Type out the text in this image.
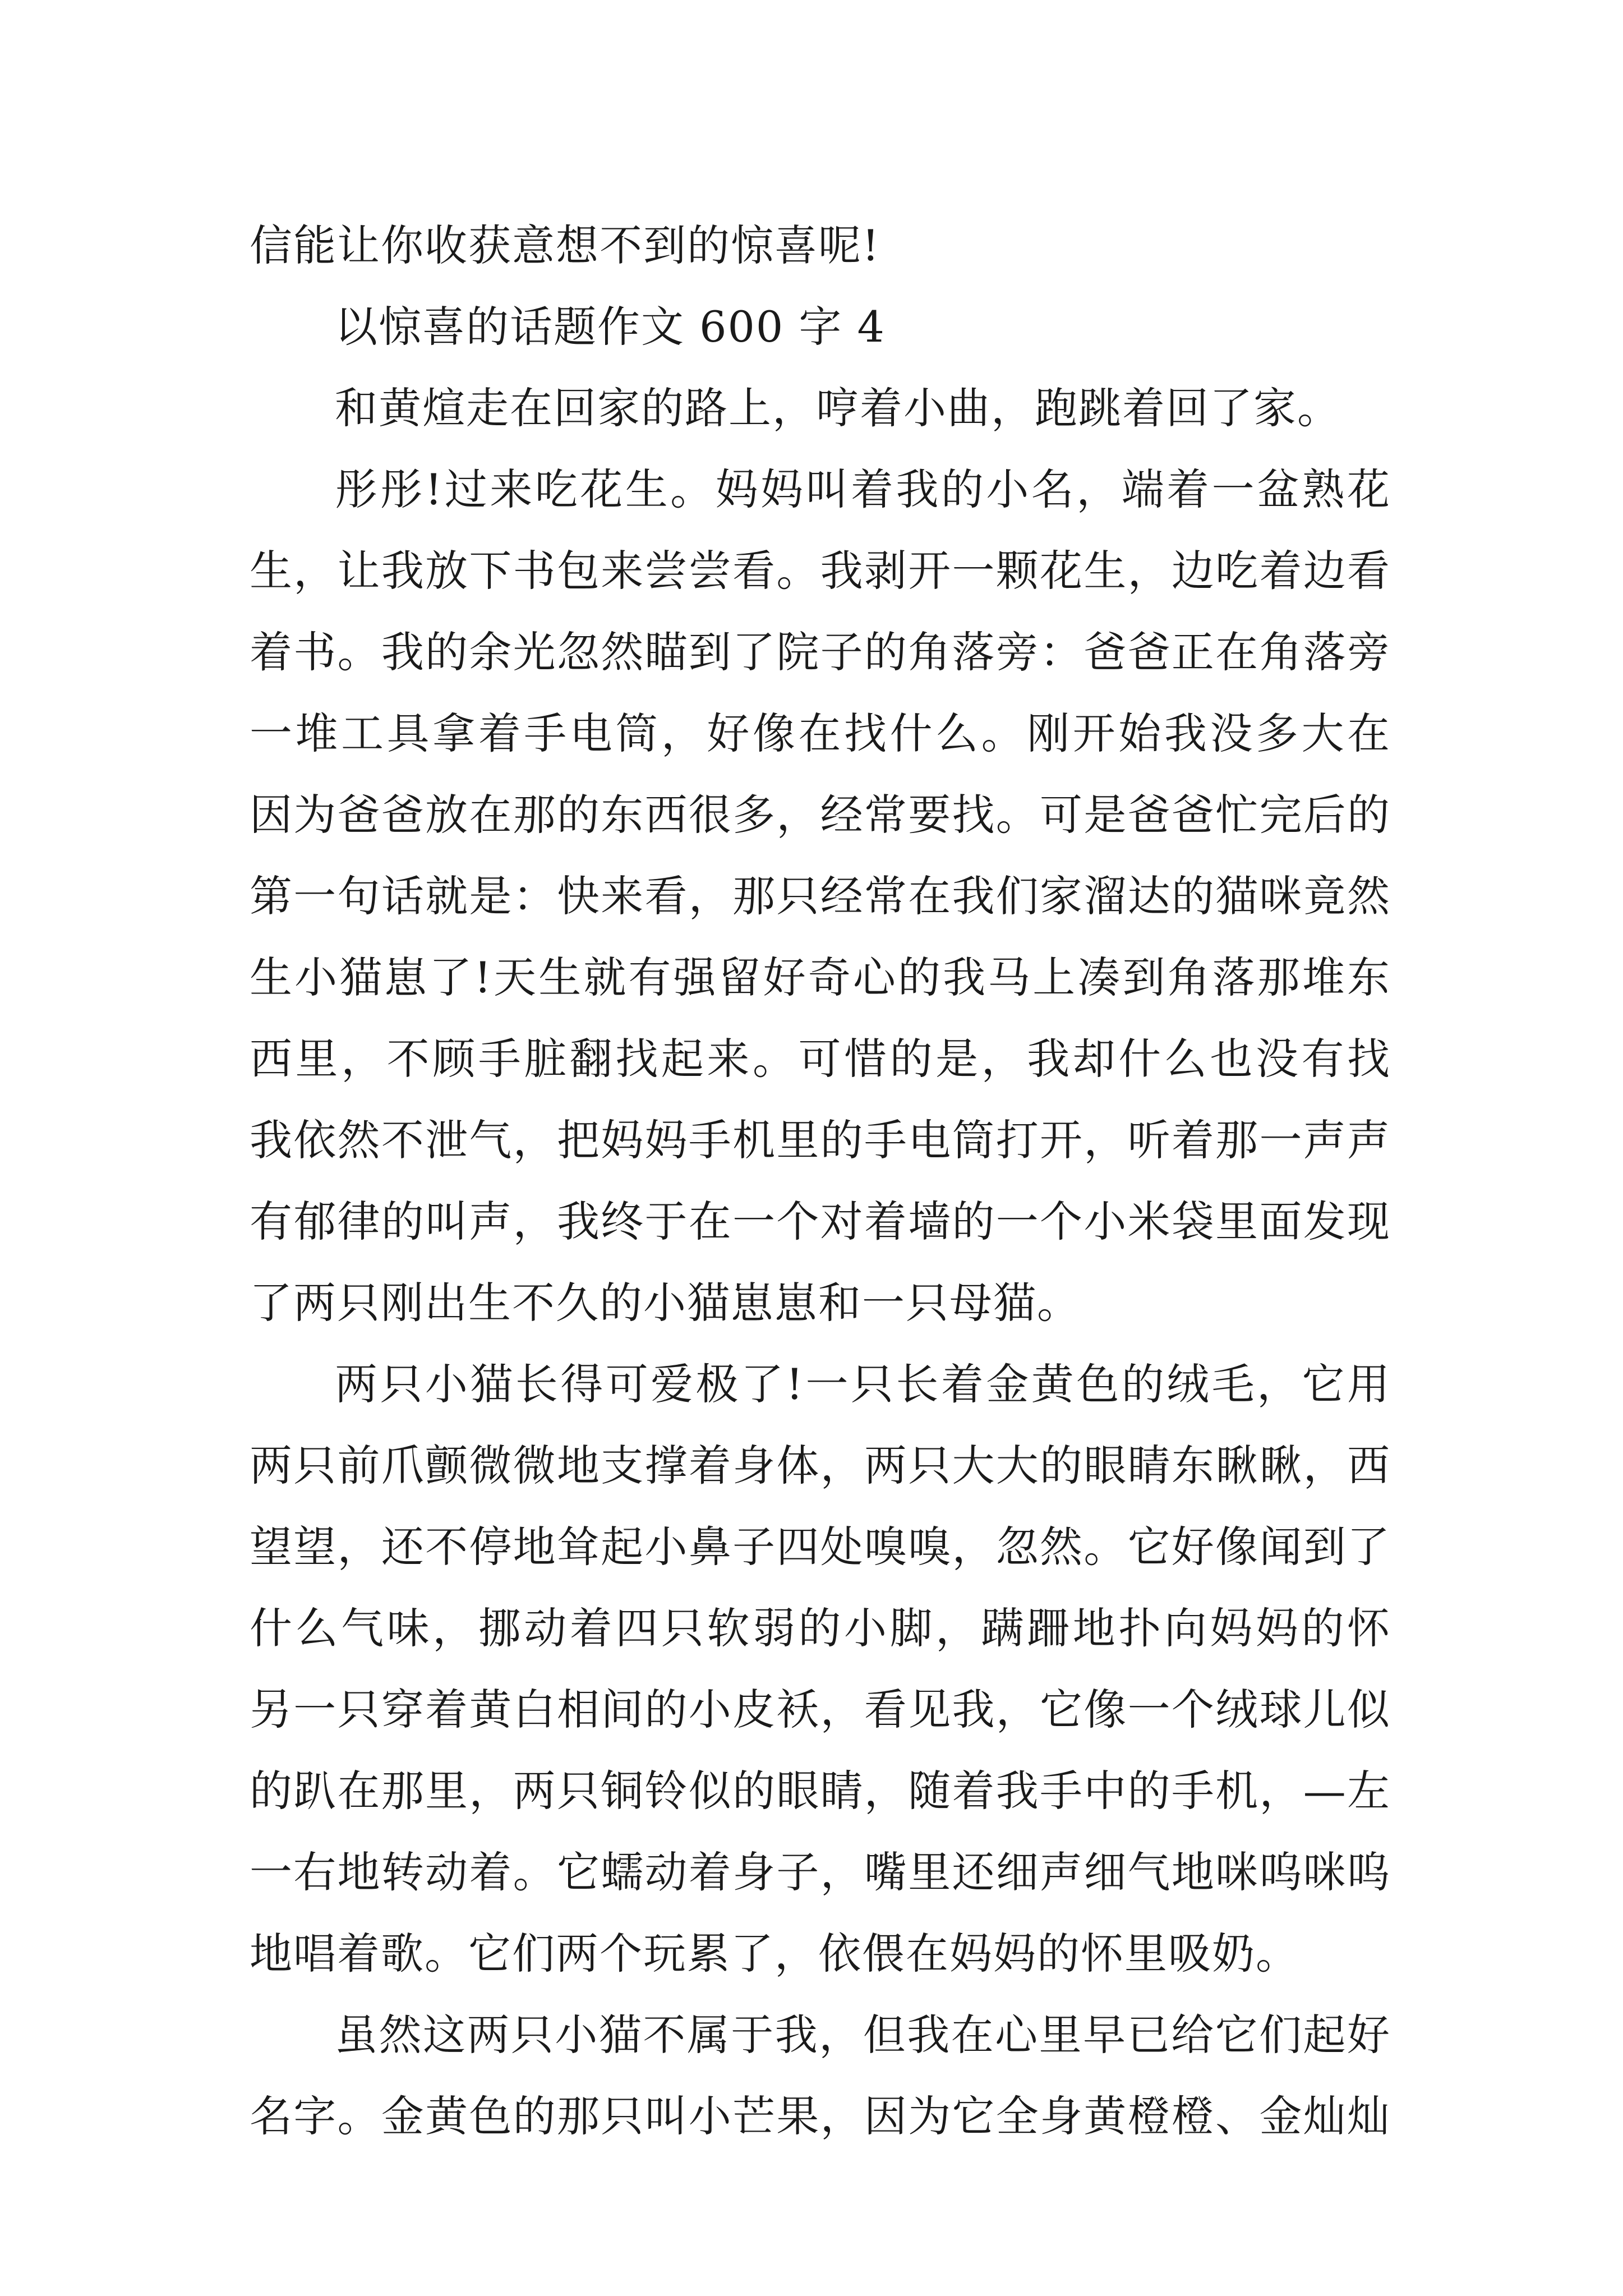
信能让你收获意想不到的惊喜呢!
以惊喜的话题作文 600 字 4
和黄煊走在回家的路上，哼着小曲，跑跳着回了家。
彤彤!过来吃花生。妈妈叫着我的小名，端着一盆熟花
生，让我放下书包来尝尝看。我剥开一颗花生，边吃着边看
着书。我的余光忽然瞄到了院子的角落旁：爸爸正在角落旁
一堆工具拿着手电筒，好像在找什么。刚开始我没多大在
因为爸爸放在那的东西很多，经常要找。可是爸爸忙完后的
第一句话就是：快来看，那只经常在我们家溜达的猫咪竟然
生小猫崽了!天生就有强留好奇心的我马上凑到角落那堆东
西里，不顾手脏翻找起来。可惜的是，我却什么也没有找
我依然不泄气，把妈妈手机里的手电筒打开，听着那一声声
有郁律的叫声，我终于在一个对着墙的一个小米袋里面发现
了两只刚出生不久的小猫崽崽和一只母猫。
两只小猫长得可爱极了!一只长着金黄色的绒毛，它用
两只前爪颤微微地支撑着身体，两只大大的眼睛东瞅瞅，西
望望，还不停地耸起小鼻子四处嗅嗅，忽然。它好像闻到了
什么气味，挪动着四只软弱的小脚，蹒跚地扑向妈妈的怀
另一只穿着黄白相间的小皮袄，看见我，它像一个绒球儿似
的趴在那里，两只铜铃似的眼睛，随着我手中的手机，—左
一右地转动着。它蠕动着身子，嘴里还细声细气地咪呜咪呜
地唱着歌。它们两个玩累了，依偎在妈妈的怀里吸奶。
虽然这两只小猫不属于我，但我在心里早已给它们起好
名字。金黄色的那只叫小芒果，因为它全身黄橙橙、金灿灿
